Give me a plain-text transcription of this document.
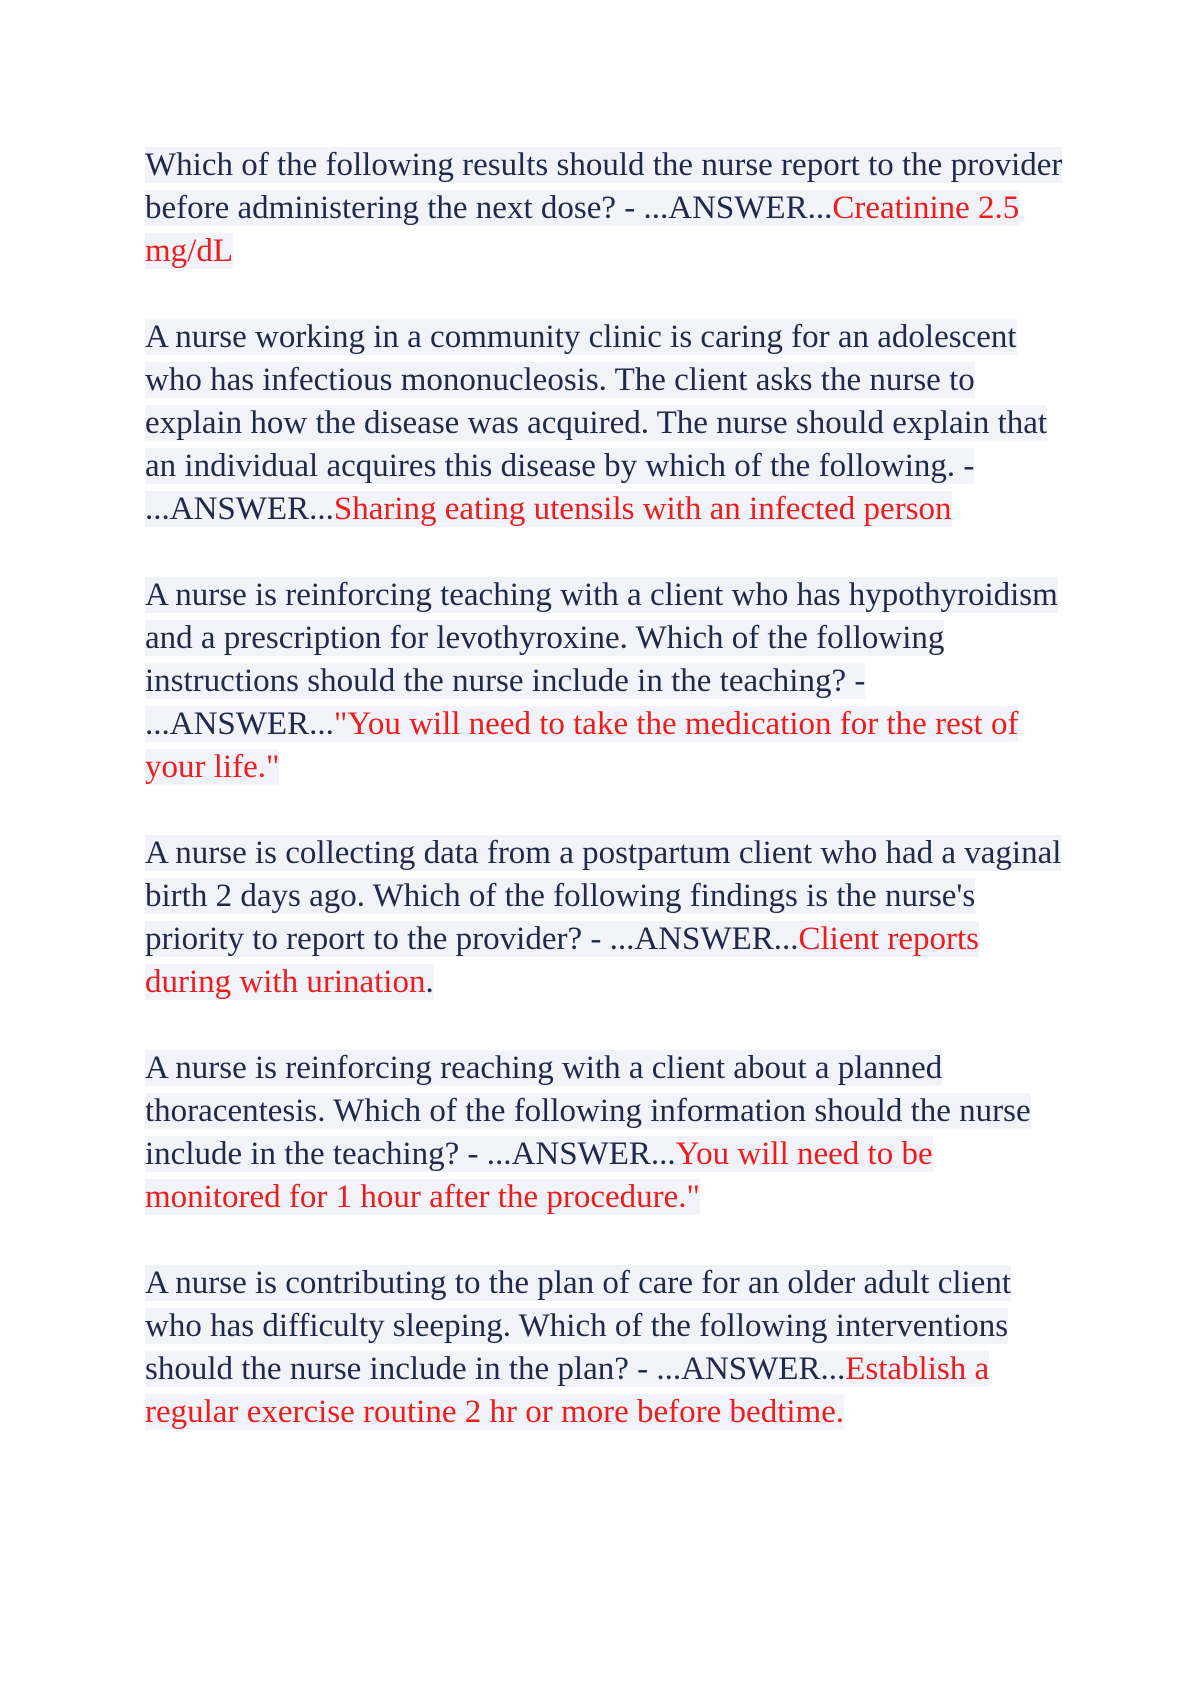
Which of the following results should the nurse report to the provider before administering the next dose? - ...ANSWER...Creatinine 2.5 mg/dL

A nurse working in a community clinic is caring for an adolescent who has infectious mononucleosis. The client asks the nurse to explain how the disease was acquired. The nurse should explain that an individual acquires this disease by which of the following. - ...ANSWER...Sharing eating utensils with an infected person

A nurse is reinforcing teaching with a client who has hypothyroidism and a prescription for levothyroxine. Which of the following instructions should the nurse include in the teaching? - ...ANSWER..."You will need to take the medication for the rest of your life."

A nurse is collecting data from a postpartum client who had a vaginal birth 2 days ago. Which of the following findings is the nurse's priority to report to the provider? - ...ANSWER...Client reports during with urination.

A nurse is reinforcing reaching with a client about a planned thoracentesis. Which of the following information should the nurse include in the teaching? - ...ANSWER...You will need to be monitored for 1 hour after the procedure."

A nurse is contributing to the plan of care for an older adult client who has difficulty sleeping. Which of the following interventions should the nurse include in the plan? - ...ANSWER...Establish a regular exercise routine 2 hr or more before bedtime.
